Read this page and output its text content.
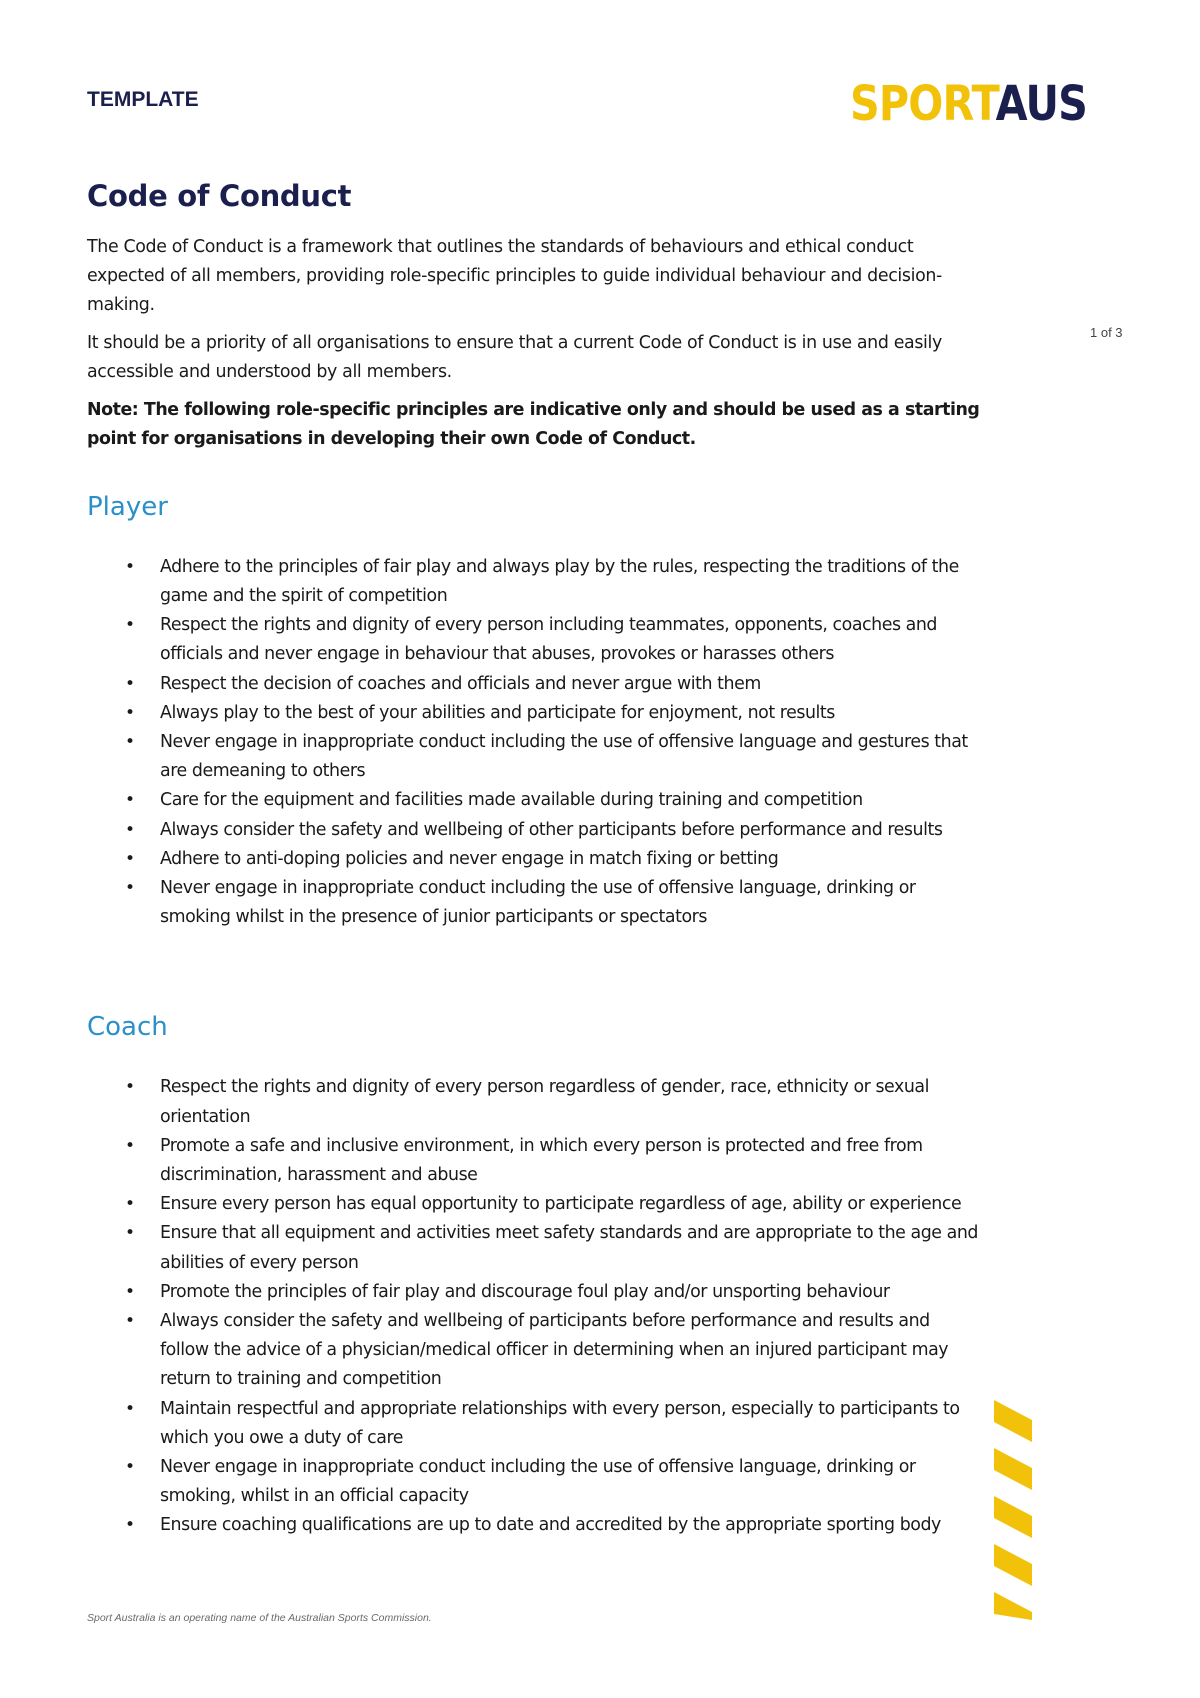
TEMPLATE	SPORTAUS
1 of 3
Code of Conduct

The Code of Conduct is a framework that outlines the standards of behaviours and ethical conduct expected of all members, providing role-specific principles to guide individual behaviour and decision-making.

It should be a priority of all organisations to ensure that a current Code of Conduct is in use and easily accessible and understood by all members.

Note: The following role-specific principles are indicative only and should be used as a starting point for organisations in developing their own Code of Conduct.

Player
• Adhere to the principles of fair play and always play by the rules, respecting the traditions of the game and the spirit of competition
• Respect the rights and dignity of every person including teammates, opponents, coaches and officials and never engage in behaviour that abuses, provokes or harasses others
• Respect the decision of coaches and officials and never argue with them
• Always play to the best of your abilities and participate for enjoyment, not results
• Never engage in inappropriate conduct including the use of offensive language and gestures that are demeaning to others
• Care for the equipment and facilities made available during training and competition
• Always consider the safety and wellbeing of other participants before performance and results
• Adhere to anti-doping policies and never engage in match fixing or betting
• Never engage in inappropriate conduct including the use of offensive language, drinking or smoking whilst in the presence of junior participants or spectators
Coach
• Respect the rights and dignity of every person regardless of gender, race, ethnicity or sexual orientation
• Promote a safe and inclusive environment, in which every person is protected and free from discrimination, harassment and abuse
• Ensure every person has equal opportunity to participate regardless of age, ability or experience
• Ensure that all equipment and activities meet safety standards and are appropriate to the age and abilities of every person
• Promote the principles of fair play and discourage foul play and/or unsporting behaviour
• Always consider the safety and wellbeing of participants before performance and results and follow the advice of a physician/medical officer in determining when an injured participant may return to training and competition
• Maintain respectful and appropriate relationships with every person, especially to participants to which you owe a duty of care
• Never engage in inappropriate conduct including the use of offensive language, drinking or smoking, whilst in an official capacity
• Ensure coaching qualifications are up to date and accredited by the appropriate sporting body
Sport Australia is an operating name of the Australian Sports Commission.
